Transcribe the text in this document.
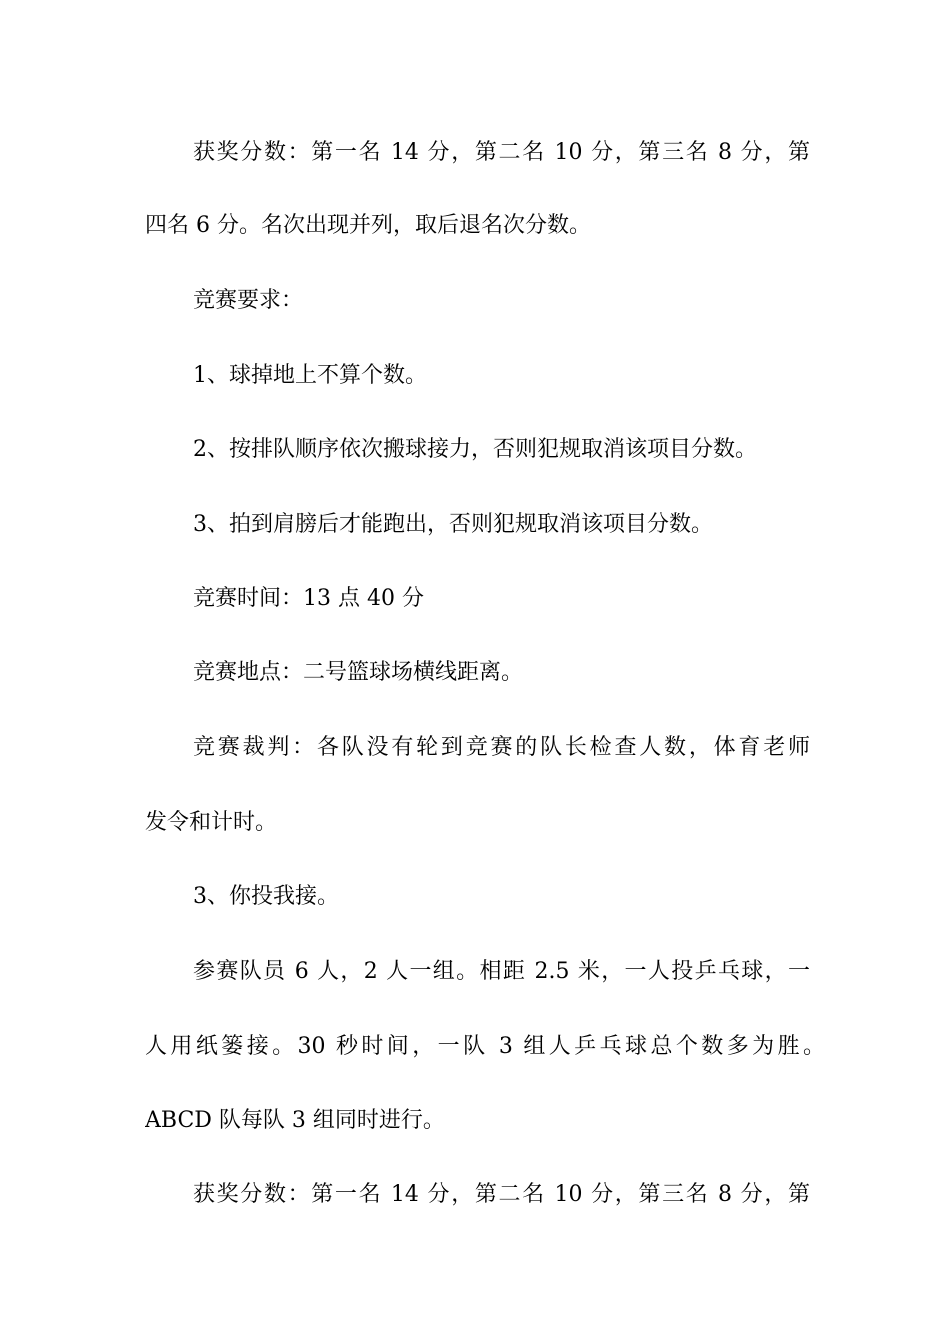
获奖分数：第一名 14 分，第二名 10 分，第三名 8 分，第
四名 6 分。名次出现并列，取后退名次分数。
竞赛要求：
1、球掉地上不算个数。
2、按排队顺序依次搬球接力，否则犯规取消该项目分数。
3、拍到肩膀后才能跑出，否则犯规取消该项目分数。
竞赛时间：13 点 40 分
竞赛地点：二号篮球场横线距离。
竞赛裁判：各队没有轮到竞赛的队长检查人数，体育老师
发令和计时。
3、你投我接。
参赛队员 6 人，2 人一组。相距 2.5 米，一人投乒乓球，一
人用纸篓接。30 秒时间，一队 3 组人乒乓球总个数多为胜。
ABCD 队每队 3 组同时进行。
获奖分数：第一名 14 分，第二名 10 分，第三名 8 分，第
